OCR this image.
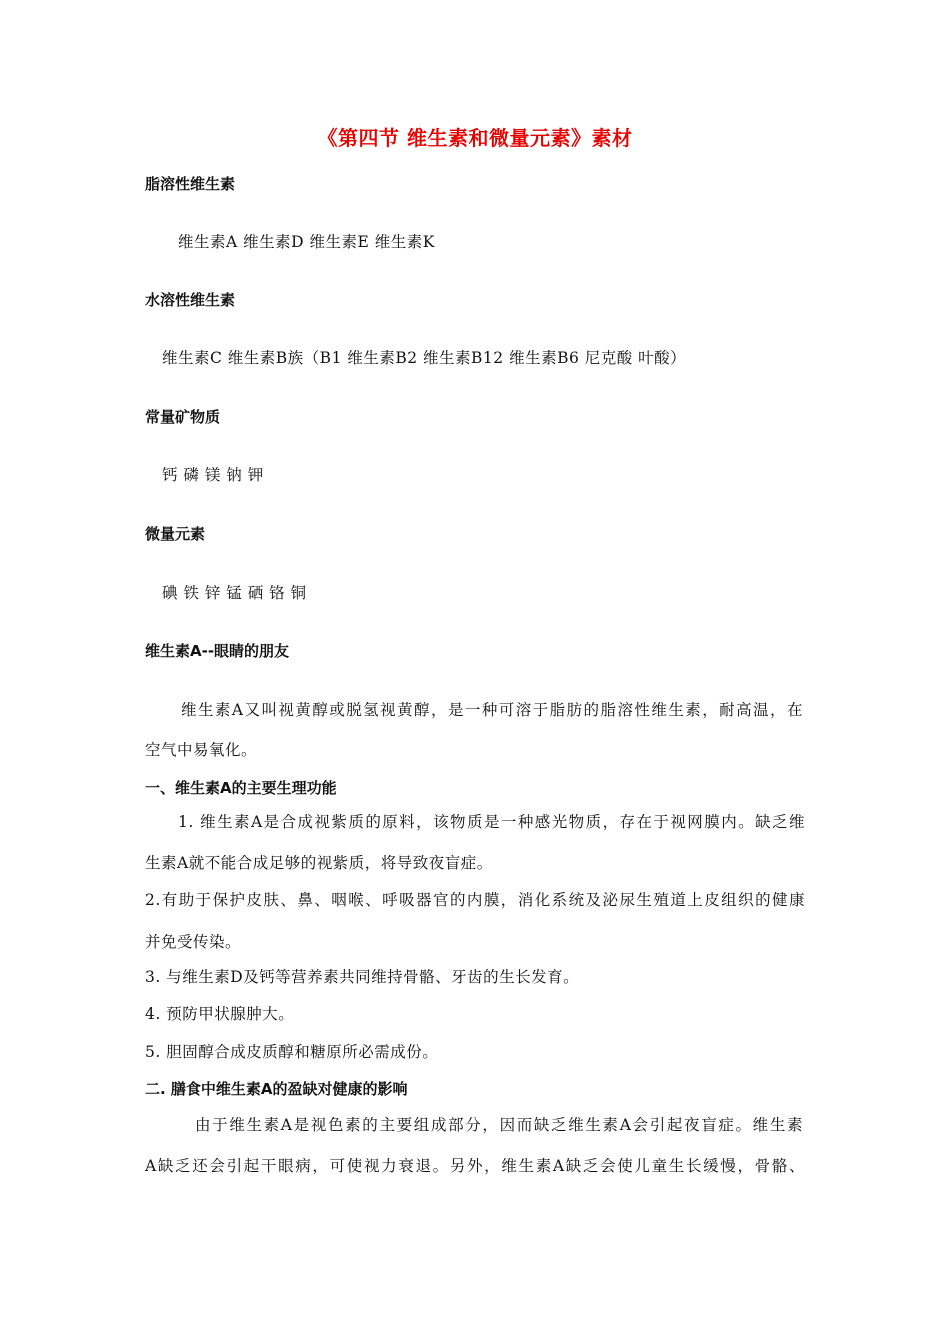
《第四节 维生素和微量元素》素材
脂溶性维生素
维生素A 维生素D 维生素E 维生素K
水溶性维生素
维生素C 维生素B族（B1 维生素B2 维生素B12 维生素B6 尼克酸 叶酸）
常量矿物质
钙 磷 镁 钠 钾
微量元素
碘 铁 锌 锰 硒 铬 铜
维生素A--眼睛的朋友
维生素A又叫视黄醇或脱氢视黄醇，是一种可溶于脂肪的脂溶性维生素，耐高温，在
空气中易氧化。
一、维生素A的主要生理功能
1. 维生素A是合成视紫质的原料，该物质是一种感光物质，存在于视网膜内。缺乏维
生素A就不能合成足够的视紫质，将导致夜盲症。
2.有助于保护皮肤、鼻、咽喉、呼吸器官的内膜，消化系统及泌尿生殖道上皮组织的健康
并免受传染。
3. 与维生素D及钙等营养素共同维持骨骼、牙齿的生长发育。
4. 预防甲状腺肿大。
5. 胆固醇合成皮质醇和糖原所必需成份。
二. 膳食中维生素A的盈缺对健康的影响
由于维生素A是视色素的主要组成部分，因而缺乏维生素A会引起夜盲症。维生素
A缺乏还会引起干眼病，可使视力衰退。另外，维生素A缺乏会使儿童生长缓慢，骨骼、
